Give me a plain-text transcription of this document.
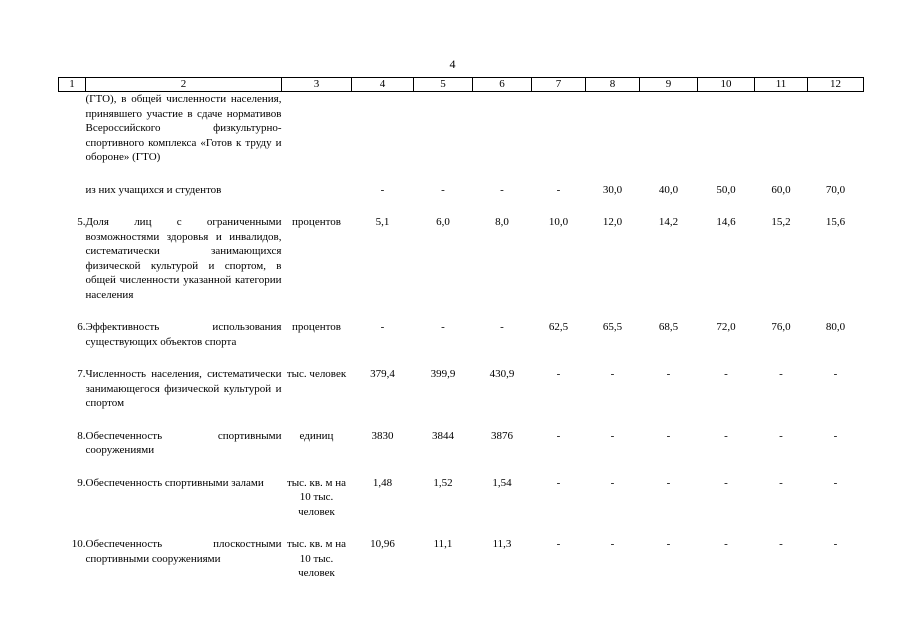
4
1	2	3	4	5	6	7	8	9	10	11	12
	(ГТО), в общей численности населения, принявшего участие в сдаче нормативов Всероссийского физкультурно-спортивного комплекса «Готов к труду и обороне» (ГТО)										

	из них учащихся и студентов		-	-	-	-	30,0	40,0	50,0	60,0	70,0

5.	Доля лиц с ограниченными возможностями здоровья и инвалидов, систематически занимающихся физической культурой и спортом, в общей численности указанной категории населения	процентов	5,1	6,0	8,0	10,0	12,0	14,2	14,6	15,2	15,6

6.	Эффективность использования существующих объектов спорта	процентов	-	-	-	62,5	65,5	68,5	72,0	76,0	80,0

7.	Численность населения, систематически занимающегося физической культурой и спортом	тыс. человек	379,4	399,9	430,9	-	-	-	-	-	-

8.	Обеспеченность спортивными сооружениями	единиц	3830	3844	3876	-	-	-	-	-	-

9.	Обеспеченность спортивными залами	тыс. кв. м на 10 тыс. человек	1,48	1,52	1,54	-	-	-	-	-	-

10.	Обеспеченность плоскостными спортивными сооружениями	тыс. кв. м на 10 тыс. человек	10,96	11,1	11,3	-	-	-	-	-	-
